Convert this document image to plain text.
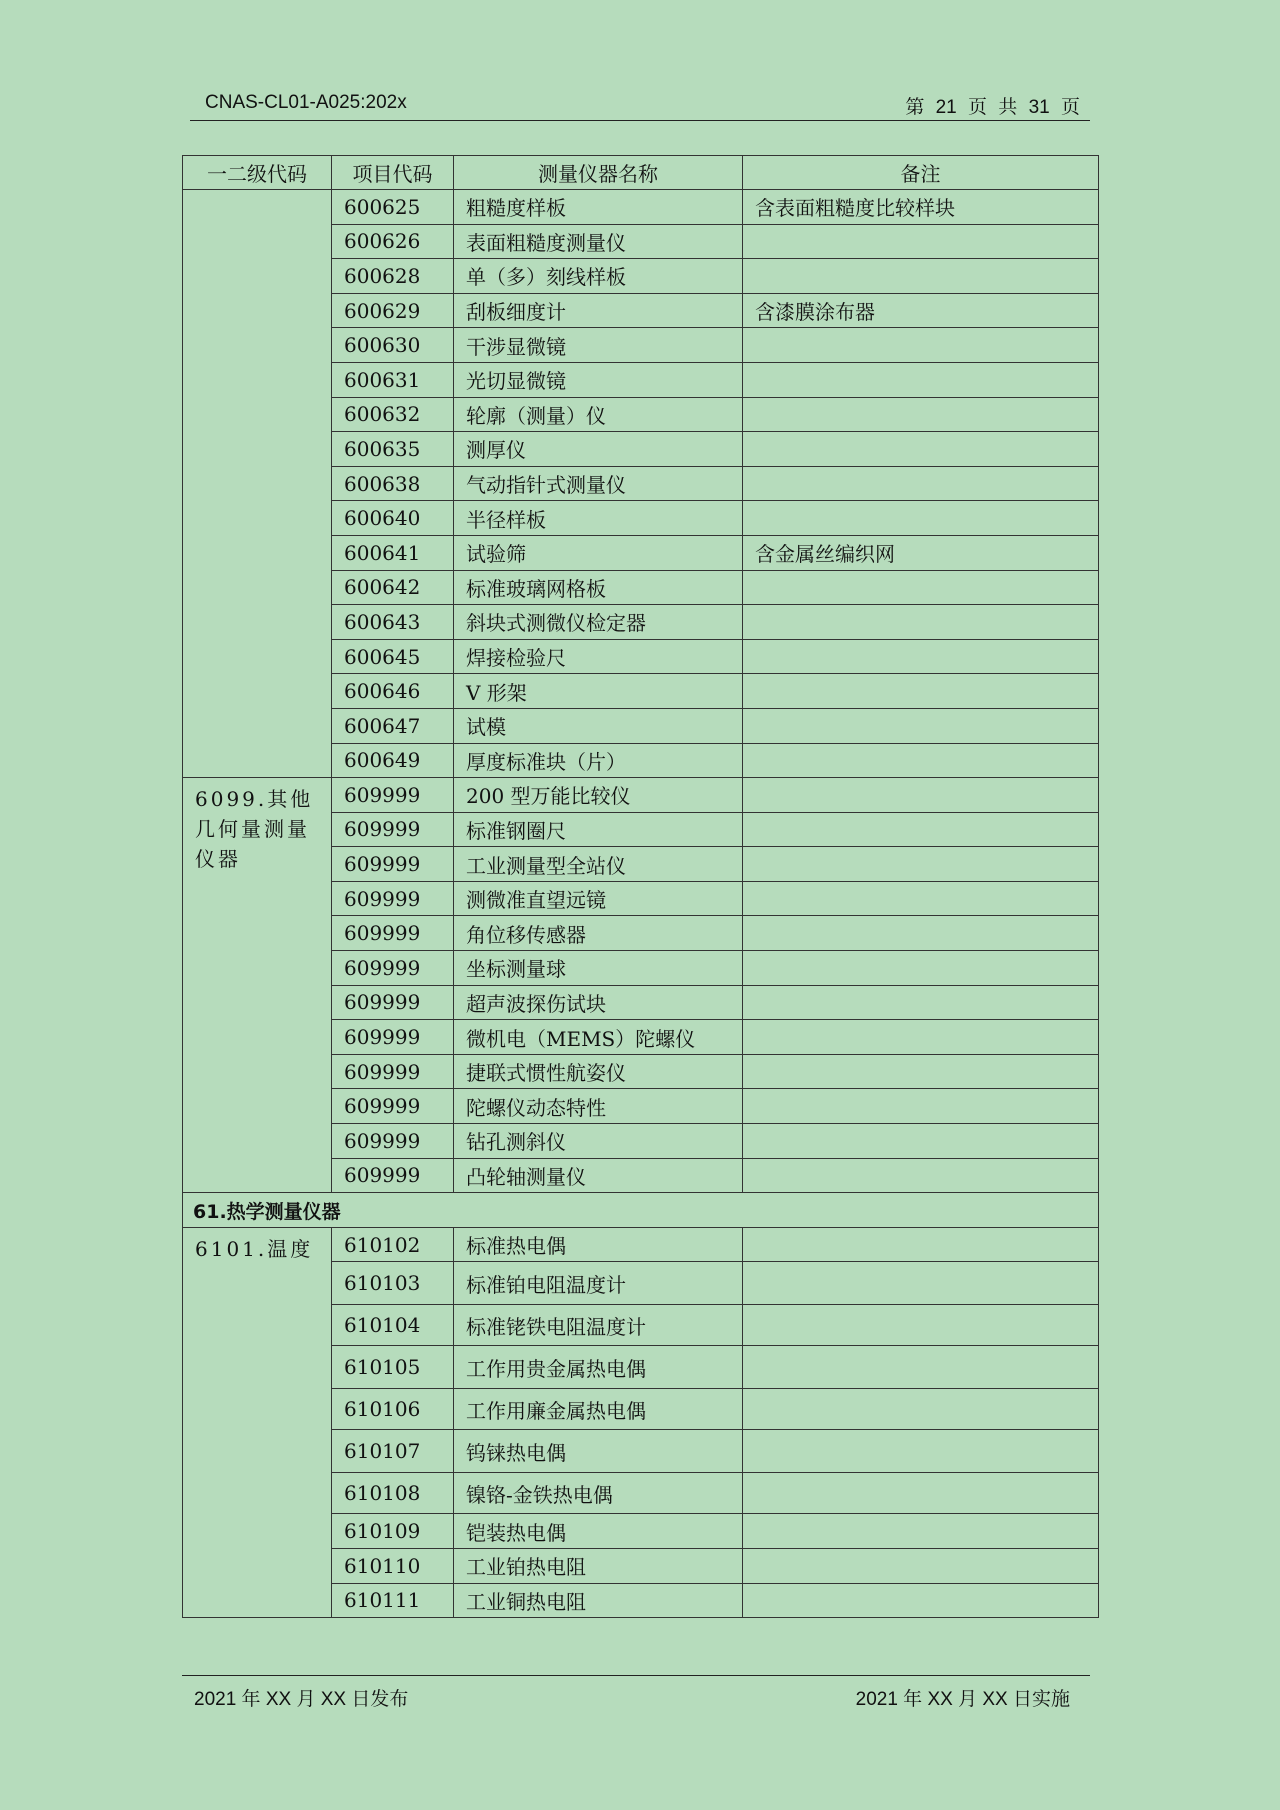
CNAS-CL01-A025:202x	第 21 页 共 31 页
一二级代码	项目代码	测量仪器名称	备注
	600625	粗糙度样板	含表面粗糙度比较样块
	600626	表面粗糙度测量仪	
	600628	单（多）刻线样板	
	600629	刮板细度计	含漆膜涂布器
	600630	干涉显微镜	
	600631	光切显微镜	
	600632	轮廓（测量）仪	
	600635	测厚仪	
	600638	气动指针式测量仪	
	600640	半径样板	
	600641	试验筛	含金属丝编织网
	600642	标准玻璃网格板	
	600643	斜块式测微仪检定器	
	600645	焊接检验尺	
	600646	V 形架	
	600647	试模	
	600649	厚度标准块（片）	
6099.其他几何量测量仪器	609999	200 型万能比较仪	
	609999	标准钢圈尺	
	609999	工业测量型全站仪	
	609999	测微准直望远镜	
	609999	角位移传感器	
	609999	坐标测量球	
	609999	超声波探伤试块	
	609999	微机电（MEMS）陀螺仪	
	609999	捷联式惯性航姿仪	
	609999	陀螺仪动态特性	
	609999	钻孔测斜仪	
	609999	凸轮轴测量仪	
61.热学测量仪器			
6101.温度	610102	标准热电偶	
	610103	标准铂电阻温度计	
	610104	标准铑铁电阻温度计	
	610105	工作用贵金属热电偶	
	610106	工作用廉金属热电偶	
	610107	钨铼热电偶	
	610108	镍铬-金铁热电偶	
	610109	铠装热电偶	
	610110	工业铂热电阻	
	610111	工业铜热电阻	
2021 年 XX 月 XX 日发布	2021 年 XX 月 XX 日实施
